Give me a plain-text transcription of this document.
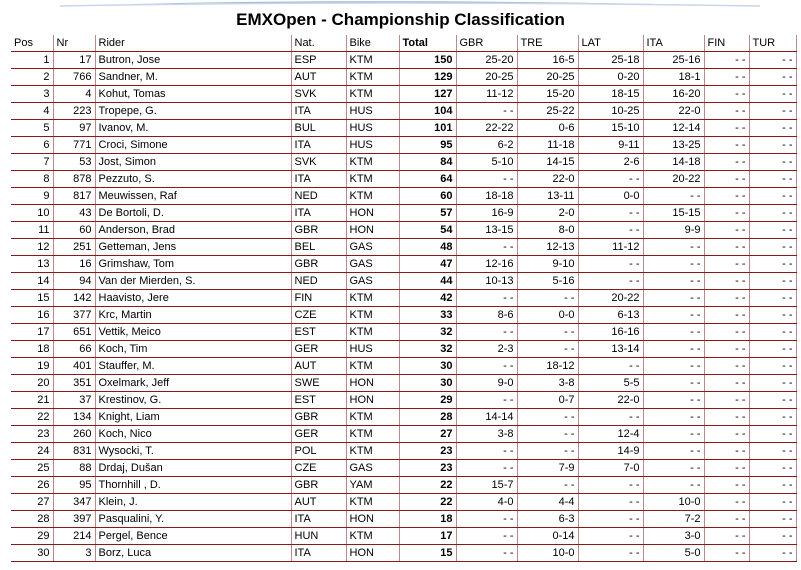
EMXOpen - Championship Classification
Pos	Nr	Rider	Nat.	Bike	Total	GBR	TRE	LAT	ITA	FIN	TUR
1	17	Butron, Jose	ESP	KTM	150	25-20	16-5	25-18	25-16	- -	- -
2	766	Sandner, M.	AUT	KTM	129	20-25	20-25	0-20	18-1	- -	- -
3	4	Kohut, Tomas	SVK	KTM	127	11-12	15-20	18-15	16-20	- -	- -
4	223	Tropepe, G.	ITA	HUS	104	- -	25-22	10-25	22-0	- -	- -
5	97	Ivanov, M.	BUL	HUS	101	22-22	0-6	15-10	12-14	- -	- -
6	771	Croci, Simone	ITA	HUS	95	6-2	11-18	9-11	13-25	- -	- -
7	53	Jost, Simon	SVK	KTM	84	5-10	14-15	2-6	14-18	- -	- -
8	878	Pezzuto, S.	ITA	KTM	64	- -	22-0	- -	20-22	- -	- -
9	817	Meuwissen, Raf	NED	KTM	60	18-18	13-11	0-0	- -	- -	- -
10	43	De Bortoli, D.	ITA	HON	57	16-9	2-0	- -	15-15	- -	- -
11	60	Anderson, Brad	GBR	HON	54	13-15	8-0	- -	9-9	- -	- -
12	251	Getteman, Jens	BEL	GAS	48	- -	12-13	11-12	- -	- -	- -
13	16	Grimshaw, Tom	GBR	GAS	47	12-16	9-10	- -	- -	- -	- -
14	94	Van der Mierden, S.	NED	GAS	44	10-13	5-16	- -	- -	- -	- -
15	142	Haavisto, Jere	FIN	KTM	42	- -	- -	20-22	- -	- -	- -
16	377	Krc, Martin	CZE	KTM	33	8-6	0-0	6-13	- -	- -	- -
17	651	Vettik, Meico	EST	KTM	32	- -	- -	16-16	- -	- -	- -
18	66	Koch, Tim	GER	HUS	32	2-3	- -	13-14	- -	- -	- -
19	401	Stauffer, M.	AUT	KTM	30	- -	18-12	- -	- -	- -	- -
20	351	Oxelmark, Jeff	SWE	HON	30	9-0	3-8	5-5	- -	- -	- -
21	37	Krestinov, G.	EST	HON	29	- -	0-7	22-0	- -	- -	- -
22	134	Knight, Liam	GBR	KTM	28	14-14	- -	- -	- -	- -	- -
23	260	Koch, Nico	GER	KTM	27	3-8	- -	12-4	- -	- -	- -
24	831	Wysocki, T.	POL	KTM	23	- -	- -	14-9	- -	- -	- -
25	88	Drdaj, Dušan	CZE	GAS	23	- -	7-9	7-0	- -	- -	- -
26	95	Thornhill , D.	GBR	YAM	22	15-7	- -	- -	- -	- -	- -
27	347	Klein, J.	AUT	KTM	22	4-0	4-4	- -	10-0	- -	- -
28	397	Pasqualini, Y.	ITA	HON	18	- -	6-3	- -	7-2	- -	- -
29	214	Pergel, Bence	HUN	KTM	17	- -	0-14	- -	3-0	- -	- -
30	3	Borz, Luca	ITA	HON	15	- -	10-0	- -	5-0	- -	- -
